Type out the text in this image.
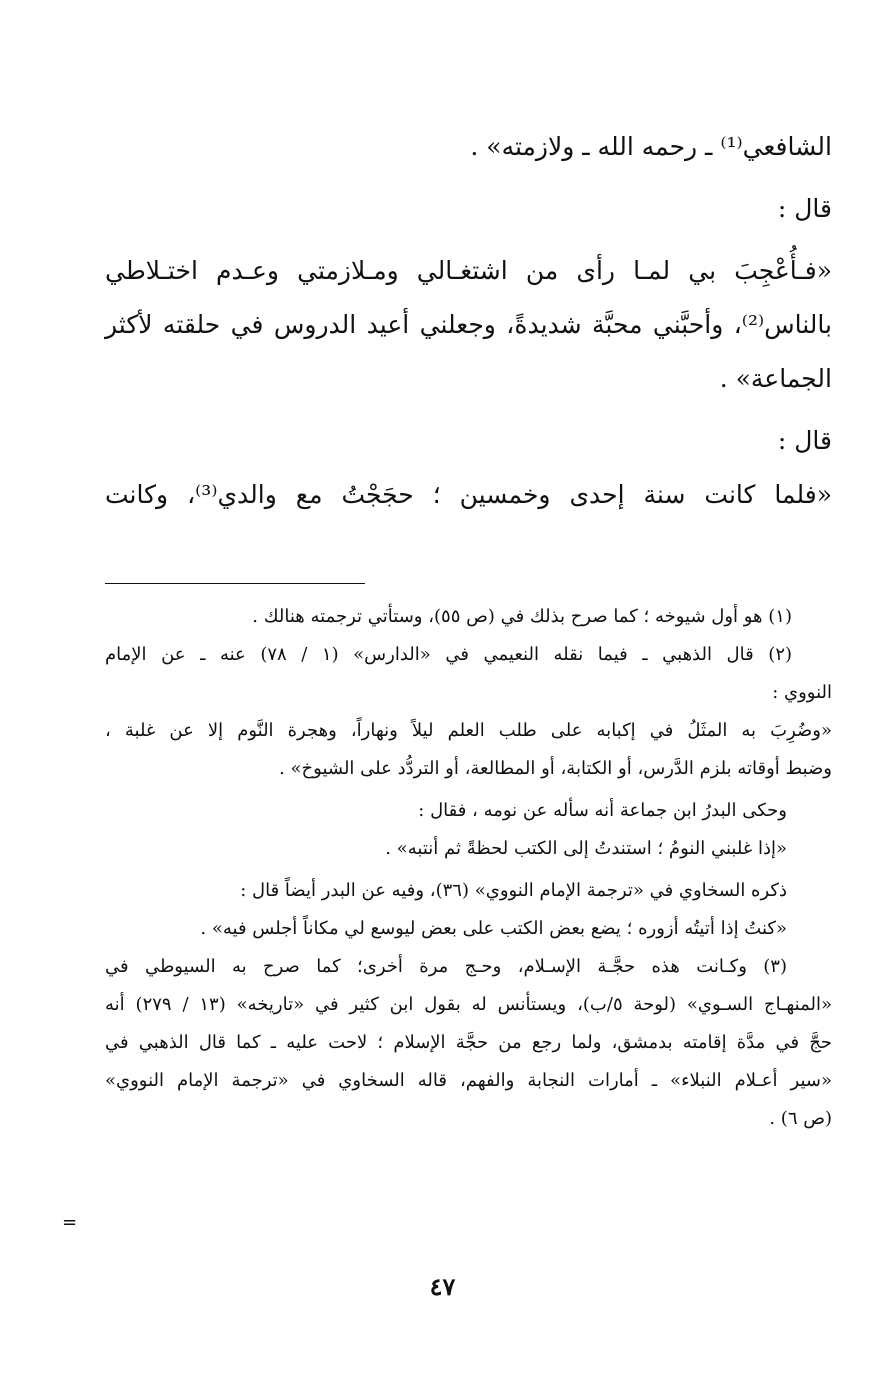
الشافعي⁽¹⁾ ـ رحمه الله ـ ولازمته» .

قال :

«فـأُعْجِبَ بي لمـا رأى من اشتغـالي ومـلازمتي وعـدم اختـلاطي

بالناس⁽²⁾، وأحبَّني محبَّة شديدةً، وجعلني أعيد الدروس في حلقته لأكثر

الجماعة» .

قال :

«فلما كانت سنة إحدى وخمسين ؛ حجَجْتُ مع والدي⁽³⁾، وكانت

(١) هو أول شيوخه ؛ كما صرح بذلك في (ص ٥٥)، وستأتي ترجمته هنالك .

(٢) قال الذهبي ـ فيما نقله النعيمي في «الدارس» (١ / ٧٨) عنه ـ عن الإمام

النووي :

«وضُرِبَ به المثَلُ في إكبابه على طلب العلم ليلاً ونهاراً، وهجرة النَّوم إلا عن غلبة ،

وضبط أوقاته بلزم الدَّرس، أو الكتابة، أو المطالعة، أو التردُّد على الشيوخ» .

وحكى البدرُ ابن جماعة أنه سأله عن نومه ، فقال :

«إذا غلبني النومُ ؛ استندتُ إلى الكتب لحظةً ثم أنتبه» .

ذكره السخاوي في «ترجمة الإمام النووي» (٣٦)، وفيه عن البدر أيضاً قال :

«كنتُ إذا أتيتُه أزوره ؛ يضع بعض الكتب على بعض ليوسع لي مكاناً أجلس فيه» .

(٣) وكـانت هذه حجَّـة الإسـلام، وحـج مرة أخرى؛ كما صرح به السيوطي في

«المنهـاج السـوي» (لوحة ٥/ب)، ويستأنس له بقول ابن كثير في «تاريخه» (١٣ / ٢٧٩) أنه

حجَّ في مدَّة إقامته بدمشق، ولما رجع من حجَّة الإسلام ؛ لاحت عليه ـ كما قال الذهبي في

«سير أعـلام النبلاء» ـ أمارات النجابة والفهم، قاله السخاوي في «ترجمة الإمام النووي»

(ص ٦) .

=
٤٧
